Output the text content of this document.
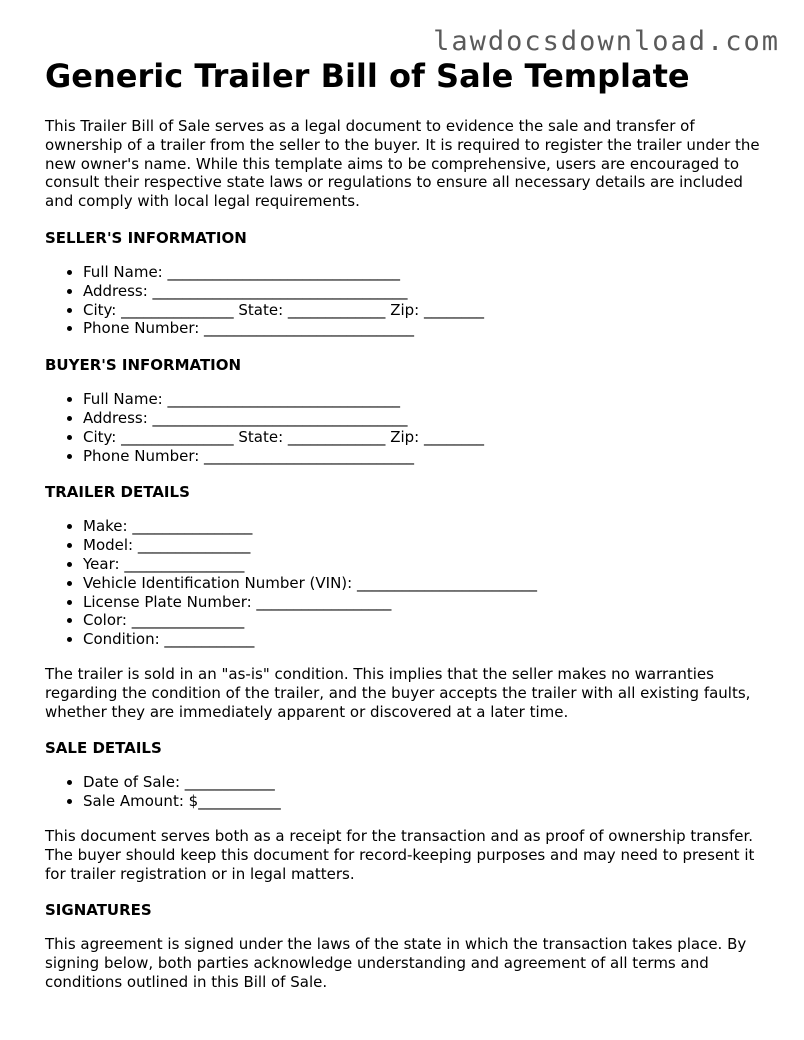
lawdocsdownload.com
Generic Trailer Bill of Sale Template

This Trailer Bill of Sale serves as a legal document to evidence the sale and transfer of ownership of a trailer from the seller to the buyer. It is required to register the trailer under the new owner's name. While this template aims to be comprehensive, users are encouraged to consult their respective state laws or regulations to ensure all necessary details are included and comply with local legal requirements.

SELLER'S INFORMATION
• Full Name: _______________________________
• Address: __________________________________
• City: _______________ State: _____________ Zip: ________
• Phone Number: ____________________________
BUYER'S INFORMATION
• Full Name: _______________________________
• Address: __________________________________
• City: _______________ State: _____________ Zip: ________
• Phone Number: ____________________________
TRAILER DETAILS
• Make: ________________
• Model: _______________
• Year: ________________
• Vehicle Identification Number (VIN): ________________________
• License Plate Number: __________________
• Color: _______________
• Condition: ____________

The trailer is sold in an "as-is" condition. This implies that the seller makes no warranties regarding the condition of the trailer, and the buyer accepts the trailer with all existing faults, whether they are immediately apparent or discovered at a later time.

SALE DETAILS
• Date of Sale: ____________
• Sale Amount: $___________

This document serves both as a receipt for the transaction and as proof of ownership transfer. The buyer should keep this document for record-keeping purposes and may need to present it for trailer registration or in legal matters.

SIGNATURES

This agreement is signed under the laws of the state in which the transaction takes place. By signing below, both parties acknowledge understanding and agreement of all terms and conditions outlined in this Bill of Sale.
